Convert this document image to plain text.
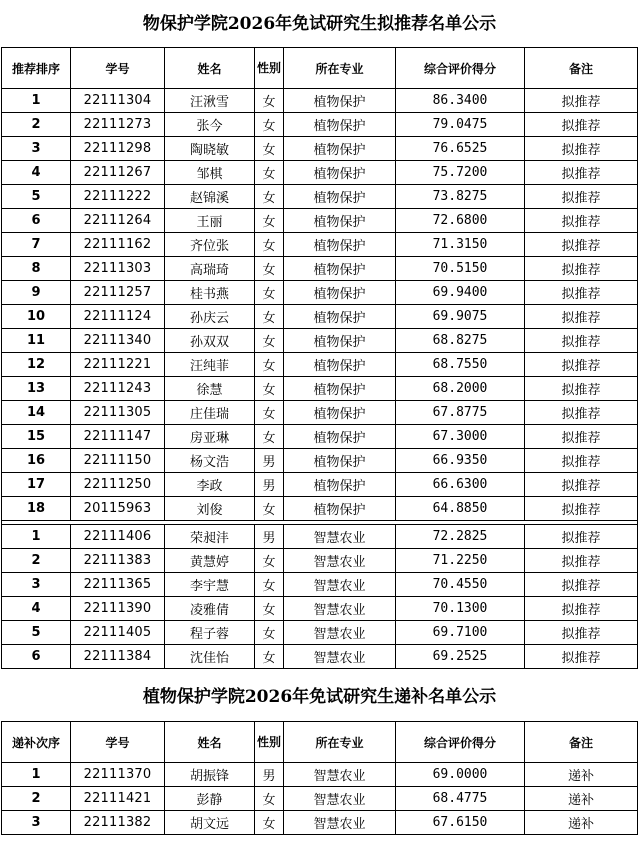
物保护学院2026年免试研究生拟推荐名单公示
推荐排序	学号	姓名	性别	所在专业	综合评价得分	备注
1	22111304	汪湫雪	女	植物保护	86.3400	拟推荐
2	22111273	张今	女	植物保护	79.0475	拟推荐
3	22111298	陶晓敏	女	植物保护	76.6525	拟推荐
4	22111267	邹棋	女	植物保护	75.7200	拟推荐
5	22111222	赵锦溪	女	植物保护	73.8275	拟推荐
6	22111264	王丽	女	植物保护	72.6800	拟推荐
7	22111162	齐位张	女	植物保护	71.3150	拟推荐
8	22111303	高瑞琦	女	植物保护	70.5150	拟推荐
9	22111257	桂书燕	女	植物保护	69.9400	拟推荐
10	22111124	孙庆云	女	植物保护	69.9075	拟推荐
11	22111340	孙双双	女	植物保护	68.8275	拟推荐
12	22111221	汪纯菲	女	植物保护	68.7550	拟推荐
13	22111243	徐慧	女	植物保护	68.2000	拟推荐
14	22111305	庄佳瑞	女	植物保护	67.8775	拟推荐
15	22111147	房亚琳	女	植物保护	67.3000	拟推荐
16	22111150	杨文浩	男	植物保护	66.9350	拟推荐
17	22111250	李政	男	植物保护	66.6300	拟推荐
18	20115963	刘俊	女	植物保护	64.8850	拟推荐

1	22111406	荣昶沣	男	智慧农业	72.2825	拟推荐
2	22111383	黄慧婷	女	智慧农业	71.2250	拟推荐
3	22111365	李宇慧	女	智慧农业	70.4550	拟推荐
4	22111390	凌雅倩	女	智慧农业	70.1300	拟推荐
5	22111405	程子蓉	女	智慧农业	69.7100	拟推荐
6	22111384	沈佳怡	女	智慧农业	69.2525	拟推荐
植物保护学院2026年免试研究生递补名单公示
递补次序	学号	姓名	性别	所在专业	综合评价得分	备注
1	22111370	胡振锋	男	智慧农业	69.0000	递补
2	22111421	彭静	女	智慧农业	68.4775	递补
3	22111382	胡文远	女	智慧农业	67.6150	递补
